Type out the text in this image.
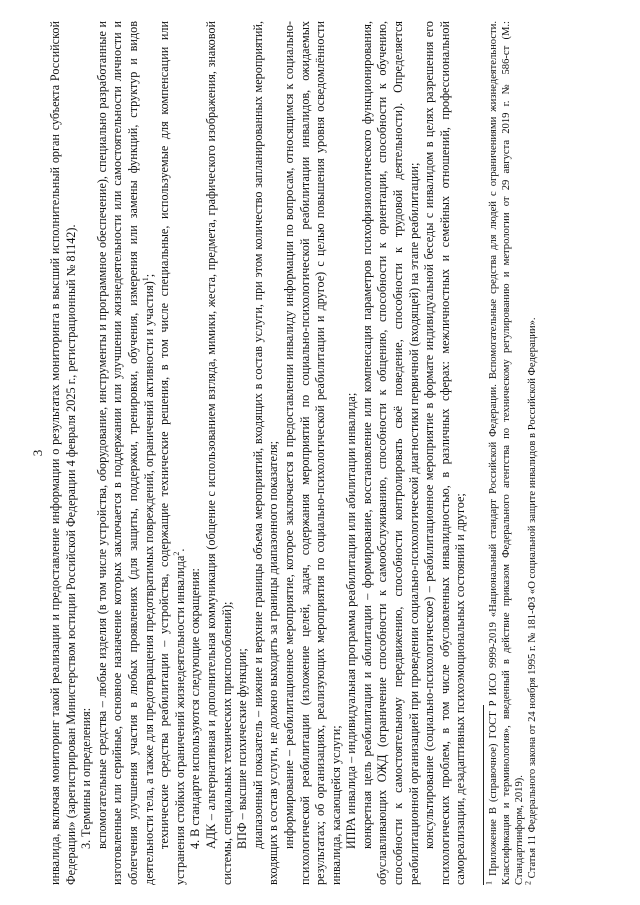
3 инвалида, включая мониторинг такой реализации и предоставление информации о результатах мониторинга в высший исполнительный орган субъекта Российской Федерации» (зарегистрирован Министерством юстиции Российской Федерации 4 февраля 2025 г., регистрационный № 81142). 3. Термины и определения: вспомогательные средства – любые изделия (в том числе устройства, оборудование, инструменты и программное обеспечение), специально разработанные и изготовленные или серийные, основное назначение которых заключается в поддержании или улучшении жизнедеятельности или самостоятельности личности и облегчения улучшения участия в любых проявлениях (для защиты, поддержки, тренировки, обучения, измерения или замены функций, структур и видов деятельности тела, а также для предотвращения предотвратимых повреждений, ограничений активности и участия)$^1$; технические средства реабилитации – устройства, содержащие технические решения, в том числе специальные, используемые для компенсации или устранения стойких ограничений жизнедеятельности инвалида$^2$.

4. В стандарте используются следующие сокращения: АДК – альтернативная и дополнительная коммуникация (общение с использованием взгляда, мимики, жеста, предмета, графического изображения, знаковой системы, специальных технических приспособлений); ВПФ – высшие психические функции; диапазонный показатель – нижние и верхние границы объема мероприятий, входящих в состав услуги, при этом количество запланированных мероприятий, входящих в состав услуги, не должно выходить за границы диапазонного показателя; информирование – реабилитационное мероприятие, которое заключается в предоставлении инвалиду информации по вопросам, относящимся к социально-психологической реабилитации (изложение целей, задач, содержания мероприятий по социально-психологической реабилитации инвалидов, ожидаемых результатах; об организациях, реализующих мероприятия по социально-психологической реабилитации и другое) с целью повышения уровня осведомлённости инвалида, касающейся услуги; ИПРА инвалида – индивидуальная программа реабилитации или абилитации инвалида; конкретная цель реабилитации и абилитации – формирование, восстановление или компенсация параметров психофизиологического функционирования, обуславливающих ОЖД (ограничение способности к самообслуживанию, способности к общению, способности к ориентации, способности к обучению, способности к самостоятельному передвижению, способности контролировать своё поведение, способности к трудовой деятельности). Определяется реабилитационной организацией при проведении социально-психологической диагностики первичной (входящей) на этапе реабилитации; консультирование (социально-психологическое) – реабилитационное мероприятие в формате индивидуальной беседы с инвалидом в целях разрешения его психологических проблем, в том числе обусловленных инвалидностью, в различных сферах: межличностных и семейных отношений, профессиональной самореализации, дезадаптивных психоэмоциональных состояний и другое; $^1$ Приложение В (справочное) ГОСТ Р ИСО 9999-2019 «Национальный стандарт Российской Федерации. Вспомогательные средства для людей с ограничениями жизнедеятельности. Классификация и терминология», введенный в действие приказом Федерального агентства по техническому регулированию и метрологии от 29 августа 2019 г. № 586-ст (М.: Стандартинформ, 2019).

$^2$ Статья 11 Федерального закона от 24 ноября 1995 г. № 181-ФЗ «О социальной защите инвалидов в Российской Федерации».
